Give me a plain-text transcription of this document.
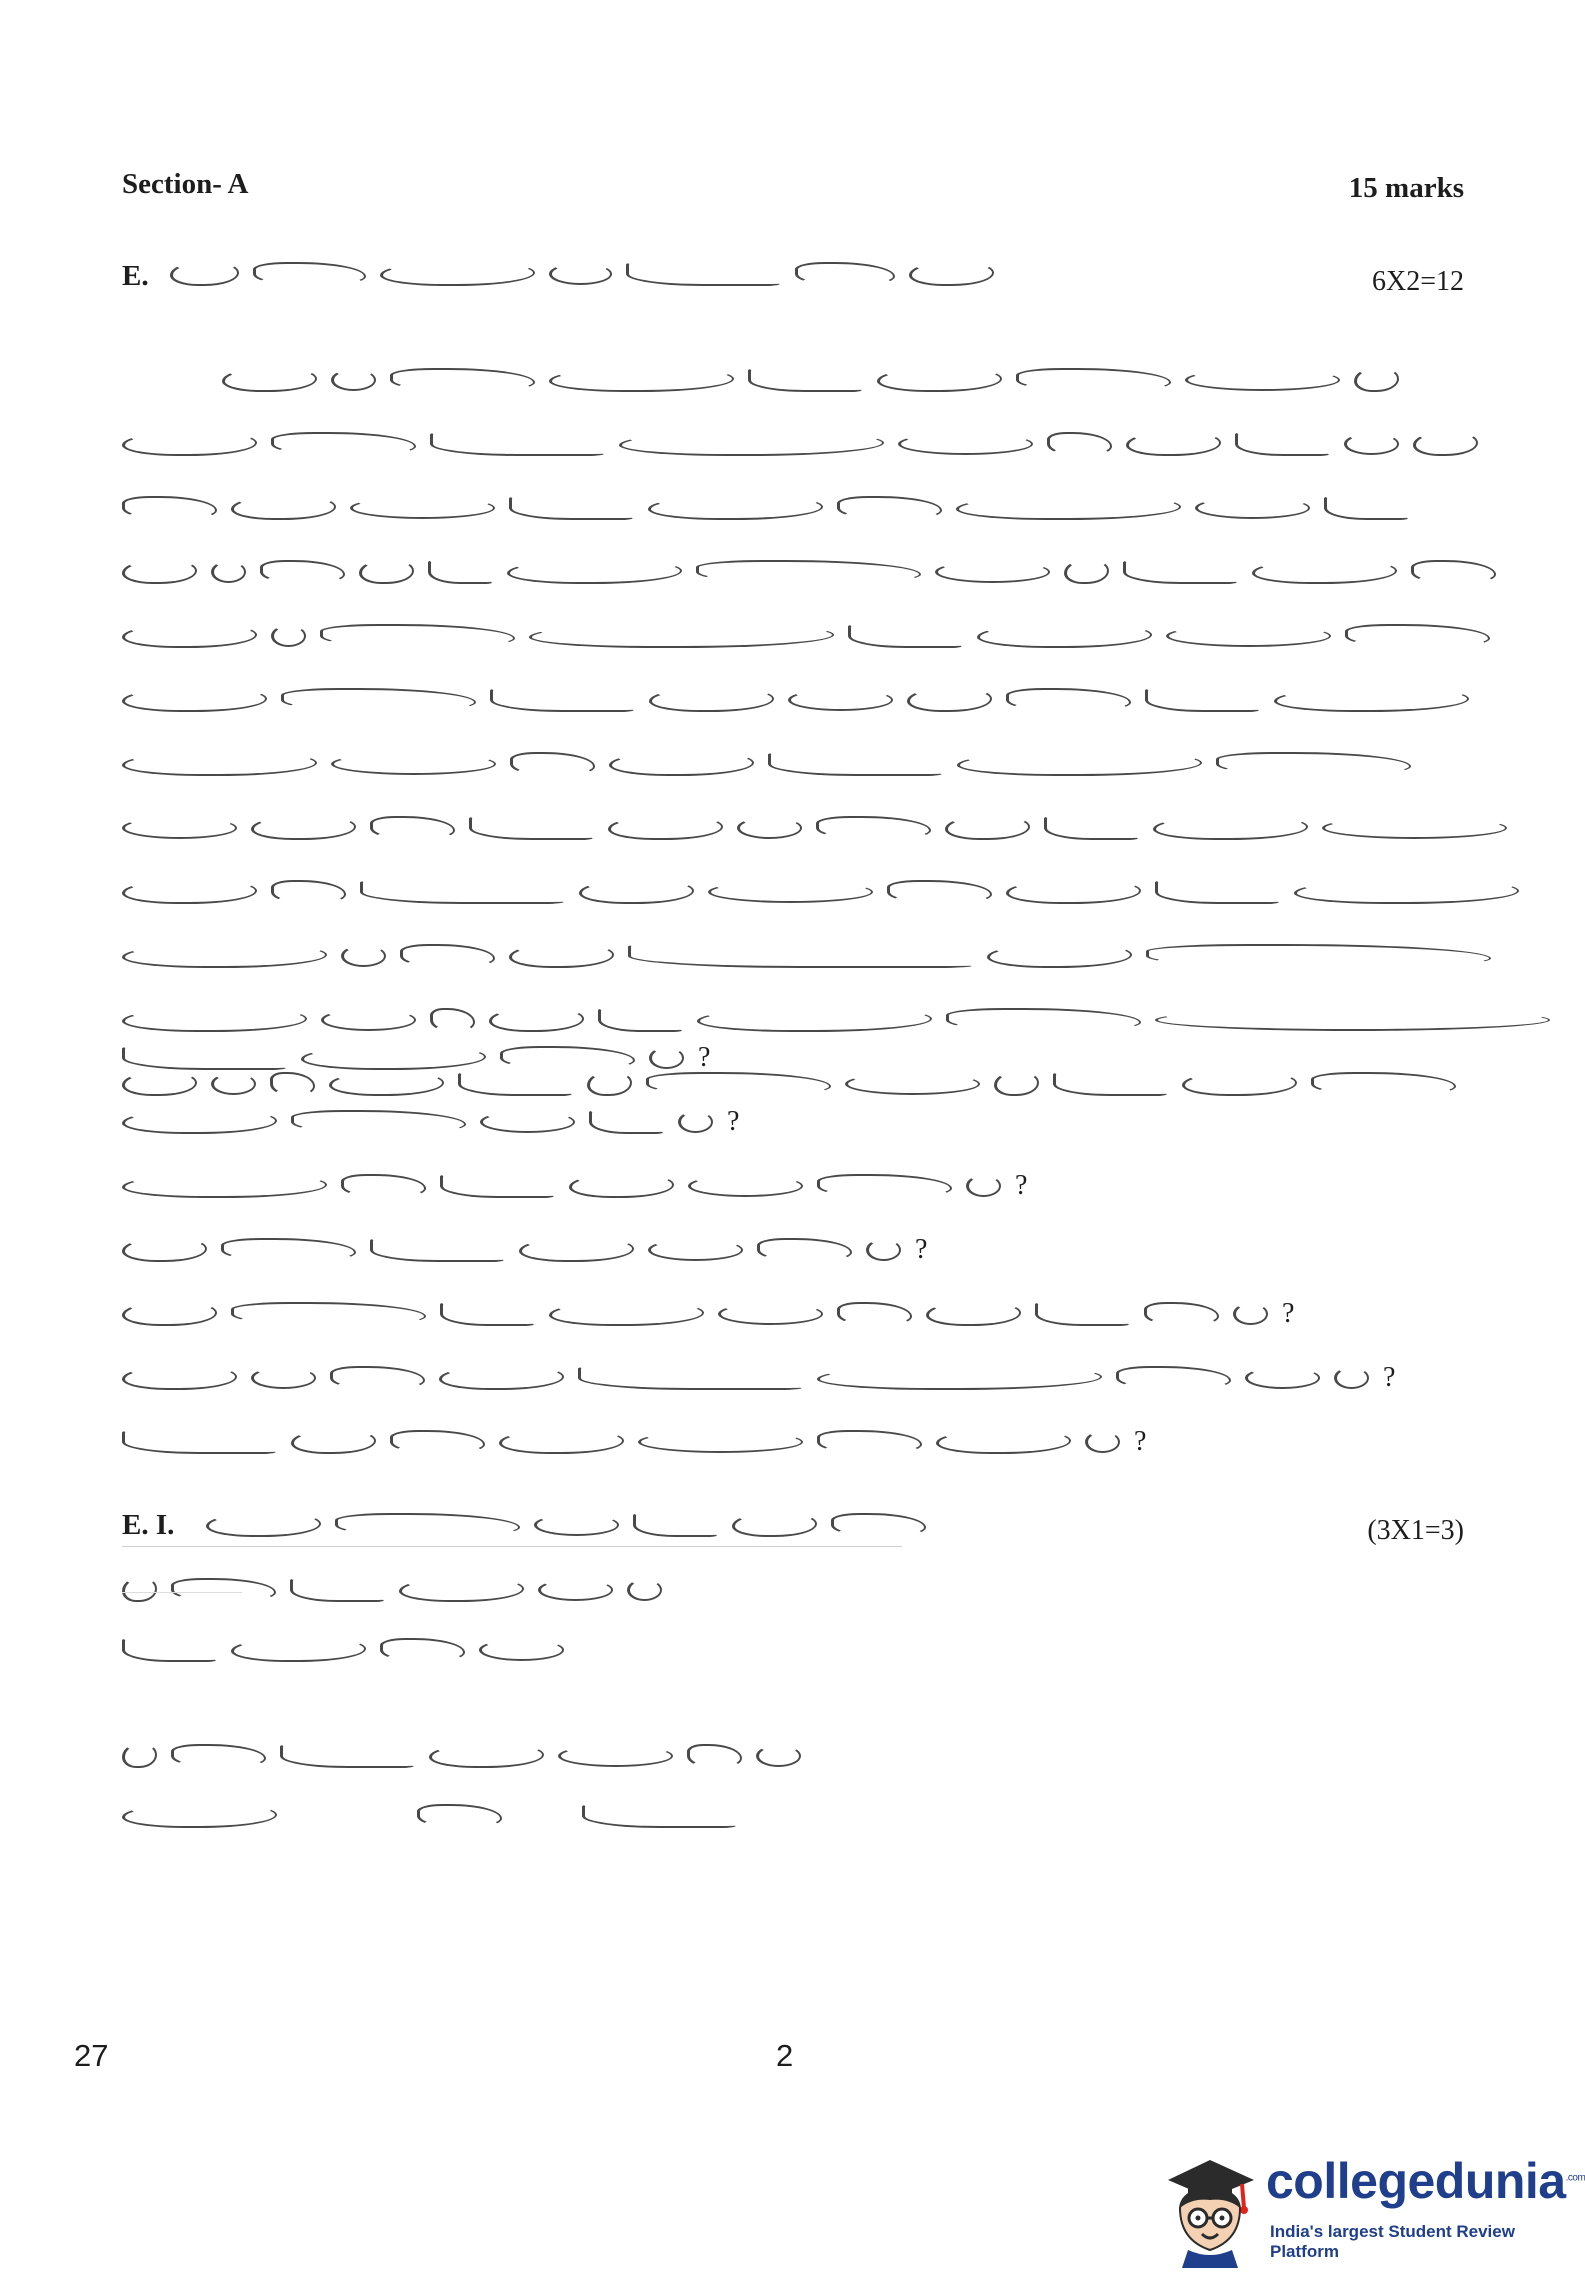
Section- A	15 marks
E.	6X2=12
?
?
?
?
?
?
?
E. I.	(3X1=3)
27	2
collegedunia$^{.com}$
India's largest Student Review Platform
